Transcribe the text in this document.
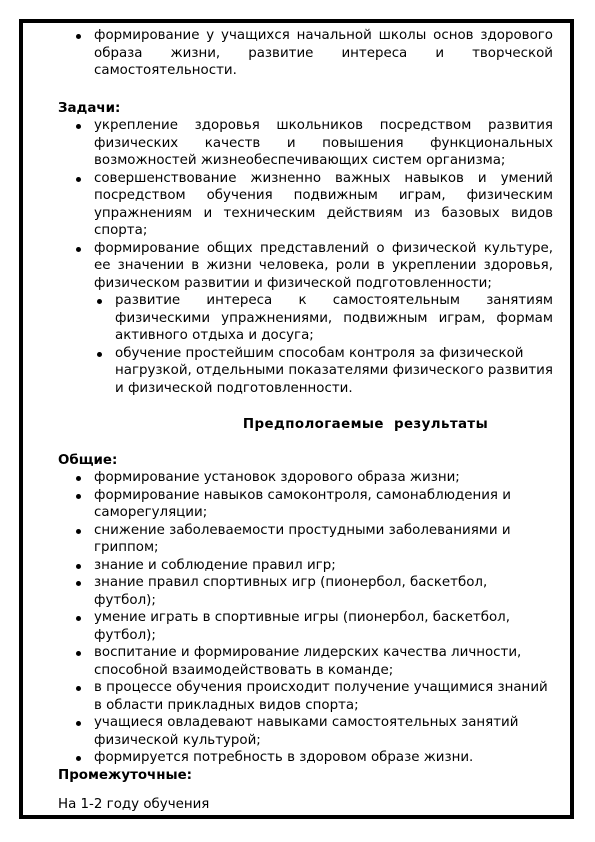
формирование у учащихся начальной школы основ здорового образа жизни, развитие интереса и творческой самостоятельности.
Задачи:
укрепление здоровья школьников посредством развития физических качеств и повышения функциональных возможностей жизнеобеспечивающих систем организма;
совершенствование жизненно важных навыков и умений посредством обучения подвижным играм, физическим упражнениям и техническим действиям из базовых видов спорта;
формирование общих представлений о физической культуре, ее значении в жизни человека, роли в укреплении здоровья, физическом развитии и физической подготовленности;
развитие интереса к самостоятельным занятиям физическими упражнениями, подвижным играм, формам активного отдыха и досуга;
обучение простейшим способам контроля за физической нагрузкой, отдельными показателями физического развития и физической подготовленности.
Предпологаемые результаты
Общие:
формирование установок здорового образа жизни;
формирование навыков самоконтроля, самонаблюдения и саморегуляции;
снижение заболеваемости простудными заболеваниями и гриппом;
знание и соблюдение правил игр;
знание правил спортивных игр (пионербол, баскетбол, футбол);
умение играть в спортивные игры (пионербол, баскетбол, футбол);
воспитание и формирование лидерских качества личности, способной взаимодействовать в команде;
в процессе обучения происходит получение учащимися знаний в области прикладных видов спорта;
учащиеся овладевают навыками самостоятельных занятий физической культурой;
формируется потребность в здоровом образе жизни.
Промежуточные:
На 1-2 году обучения
